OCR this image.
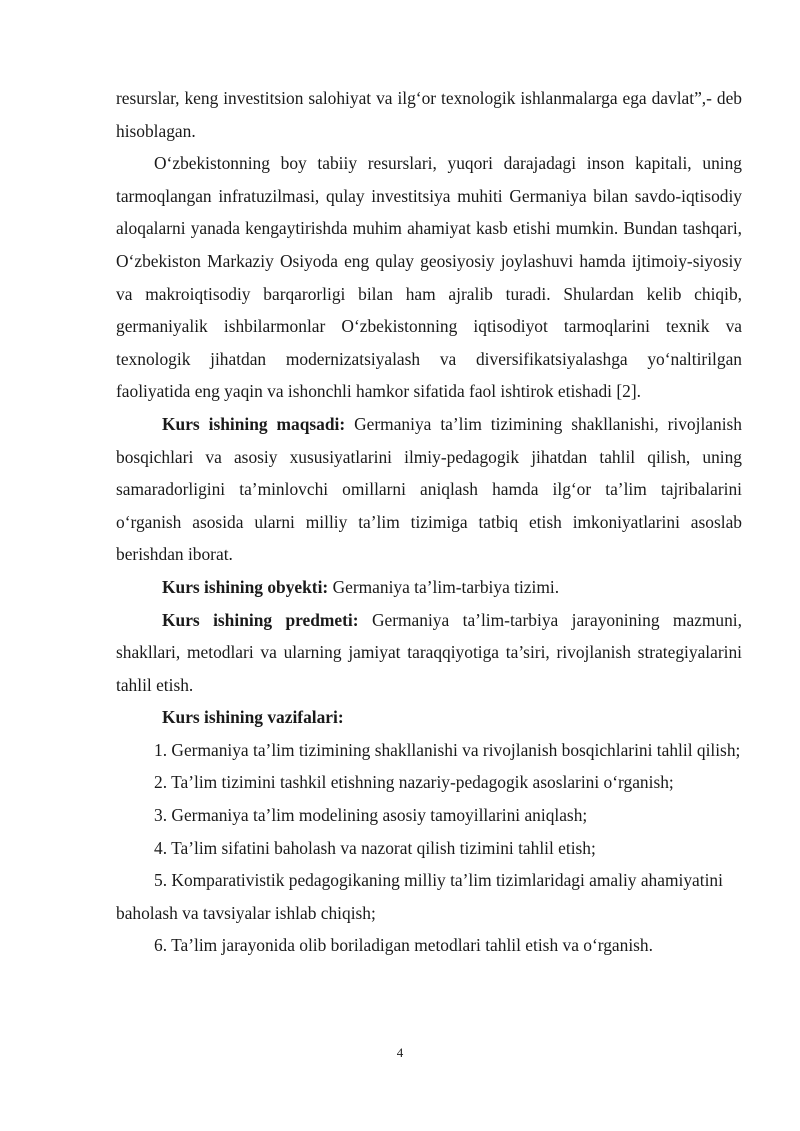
resurslar, keng investitsion salohiyat va ilg‘or texnologik ishlanmalarga ega davlat”,- deb hisoblagan.

O‘zbekistonning boy tabiiy resurslari, yuqori darajadagi inson kapitali, uning tarmoqlangan infratuzilmasi, qulay investitsiya muhiti Germaniya bilan savdo-iqtisodiy aloqalarni yanada kengaytirishda muhim ahamiyat kasb etishi mumkin. Bundan tashqari, O‘zbekiston Markaziy Osiyoda eng qulay geosiyosiy joylashuvi hamda ijtimoiy-siyosiy va makroiqtisodiy barqarorligi bilan ham ajralib turadi. Shulardan kelib chiqib, germaniyalik ishbilarmonlar O‘zbekistonning iqtisodiyot tarmoqlarini texnik va texnologik jihatdan modernizatsiyalash va diversifikatsiyalashga yo‘naltirilgan faoliyatida eng yaqin va ishonchli hamkor sifatida faol ishtirok etishadi [2].

Kurs ishining maqsadi: Germaniya ta’lim tizimining shakllanishi, rivojlanish bosqichlari va asosiy xususiyatlarini ilmiy-pedagogik jihatdan tahlil qilish, uning samaradorligini ta’minlovchi omillarni aniqlash hamda ilg‘or ta’lim tajribalarini o‘rganish asosida ularni milliy ta’lim tizimiga tatbiq etish imkoniyatlarini asoslab berishdan iborat.

Kurs ishining obyekti: Germaniya ta’lim-tarbiya tizimi.

Kurs ishining predmeti: Germaniya ta’lim-tarbiya jarayonining mazmuni, shakllari, metodlari va ularning jamiyat taraqqiyotiga ta’siri, rivojlanish strategiyalarini tahlil etish.

Kurs ishining vazifalari:

1. Germaniya ta’lim tizimining shakllanishi va rivojlanish bosqichlarini tahlil qilish;

2. Ta’lim tizimini tashkil etishning nazariy-pedagogik asoslarini o‘rganish;

3. Germaniya ta’lim modelining asosiy tamoyillarini aniqlash;

4. Ta’lim sifatini baholash va nazorat qilish tizimini tahlil etish;

5. Komparativistik pedagogikaning milliy ta’lim tizimlaridagi amaliy ahamiyatini baholash va tavsiyalar ishlab chiqish;

6. Ta’lim jarayonida olib boriladigan metodlari tahlil etish va o‘rganish.

4
